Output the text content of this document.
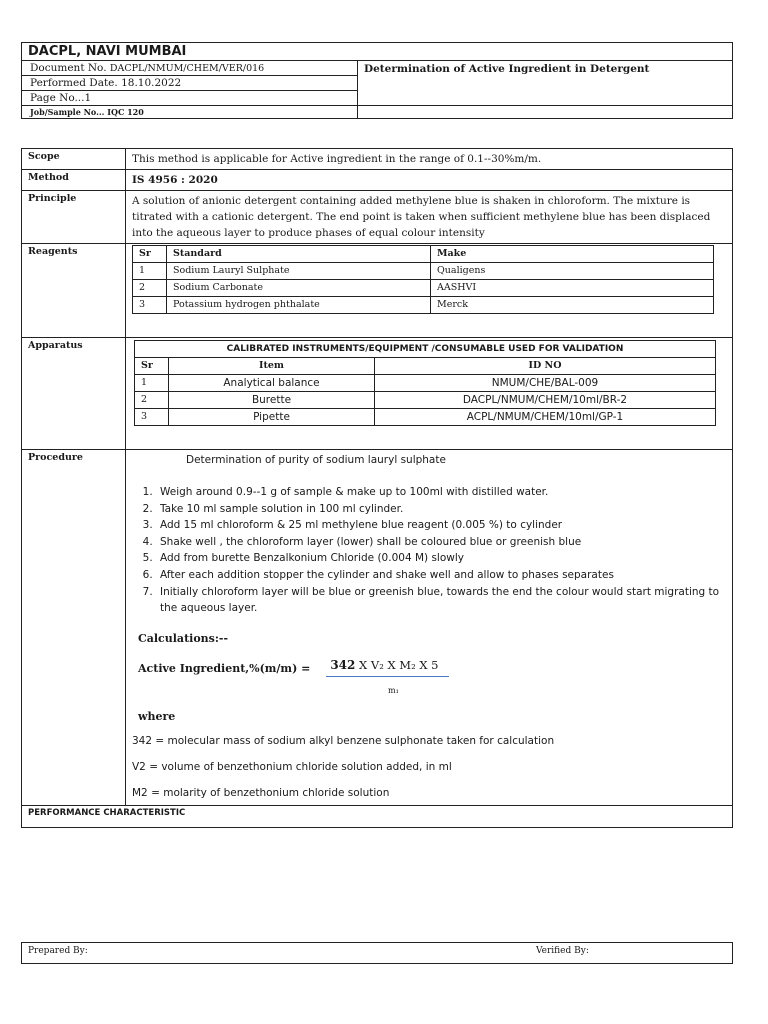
DACPL, NAVI MUMBAI	
Document No. DACPL/NMUM/CHEM/VER/016	Determination of Active Ingredient in Detergent
Performed Date. 18.10.2022	
Page No...1	
Job/Sample No... IQC 120	
Scope	This method is applicable for Active ingredient in the range of 0.1--30%m/m.
Method	IS 4956 : 2020
Principle	A solution of anionic detergent containing added methylene blue is shaken in chloroform. The mixture is titrated with a cationic detergent. The end point is taken when sufficient methylene blue has been displaced into the aqueous layer to produce phases of equal colour intensity
Reagents		Sr	Standard	Make
1	Sodium Lauryl Sulphate	Qualigens
2	Sodium Carbonate	AASHVI
3	Potassium hydrogen phthalate	Merck

Apparatus		CALIBRATED INSTRUMENTS/EQUIPMENT /CONSUMABLE USED FOR VALIDATION
Sr	Item	ID NO
1	Analytical balance	NMUM/CHE/BAL-009
2	Burette	DACPL/NMUM/CHEM/10ml/BR-2
3	Pipette	ACPL/NMUM/CHEM/10ml/GP-1

Procedure	Determination of purity of sodium lauryl sulphate
1. Weigh around 0.9--1 g of sample & make up to 100ml with distilled water.
2. Take 10 ml sample solution in 100 ml cylinder.
3. Add 15 ml chloroform & 25 ml methylene blue reagent (0.005 %) to cylinder
4. Shake well , the chloroform layer (lower) shall be coloured blue or greenish blue
5. Add from burette Benzalkonium Chloride (0.004 M) slowly
6. After each addition stopper the cylinder and shake well and allow to phases separates
7. Initially chloroform layer will be blue or greenish blue, towards the end the colour would start migrating to the aqueous layer.
Calculations:--
Active Ingredient,%(m/m) =	342 X V₂ X M₂ X 5
m₁
where
342 = molecular mass of sodium alkyl benzene sulphonate taken for calculation
V2 = volume of benzethonium chloride solution added, in ml
M2 = molarity of benzethonium chloride solution

PERFORMANCE CHARACTERISTIC
Prepared By:	Verified By:
